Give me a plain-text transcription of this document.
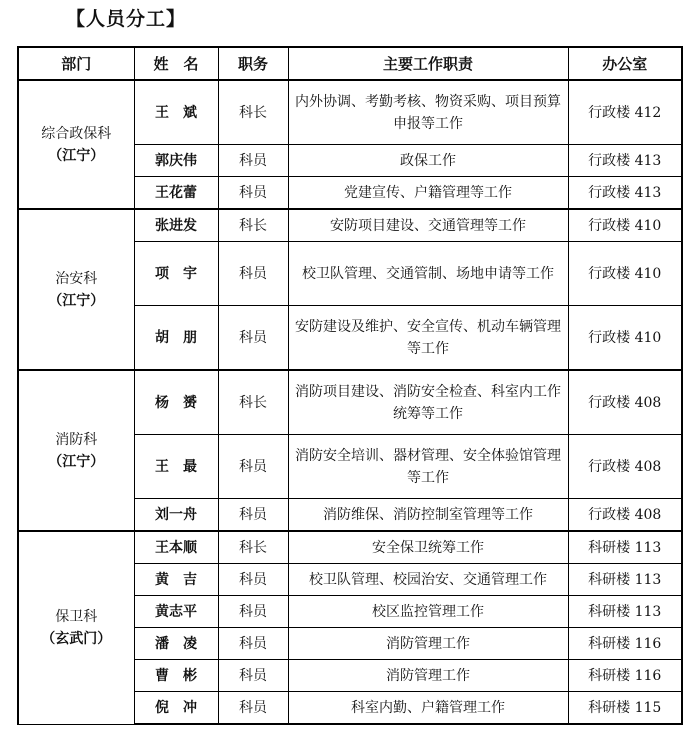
【人员分工】
部门	姓　名	职务	主要工作职责	办公室

综合政保科
（江宁）	王　斌	科长	内外协调、考勤考核、物资采购、项目预算申报等工作	行政楼 412
	郭庆伟	科员	政保工作	行政楼 413
	王花蕾	科员	党建宣传、户籍管理等工作	行政楼 413

治安科
（江宁）	张进发	科长	安防项目建设、交通管理等工作	行政楼 410
	项　宇	科员	校卫队管理、交通管制、场地申请等工作	行政楼 410
	胡　朋	科员	安防建设及维护、安全宣传、机动车辆管理等工作	行政楼 410

消防科
（江宁）	杨　赟	科长	消防项目建设、消防安全检查、科室内工作统筹等工作	行政楼 408
	王　最	科员	消防安全培训、器材管理、安全体验馆管理等工作	行政楼 408
	刘一舟	科员	消防维保、消防控制室管理等工作	行政楼 408

保卫科
（玄武门）	王本顺	科长	安全保卫统筹工作	科研楼 113
	黄　吉	科员	校卫队管理、校园治安、交通管理工作	科研楼 113
	黄志平	科员	校区监控管理工作	科研楼 113
	潘　凌	科员	消防管理工作	科研楼 116
	曹　彬	科员	消防管理工作	科研楼 116
	倪　冲	科员	科室内勤、户籍管理工作	科研楼 115
